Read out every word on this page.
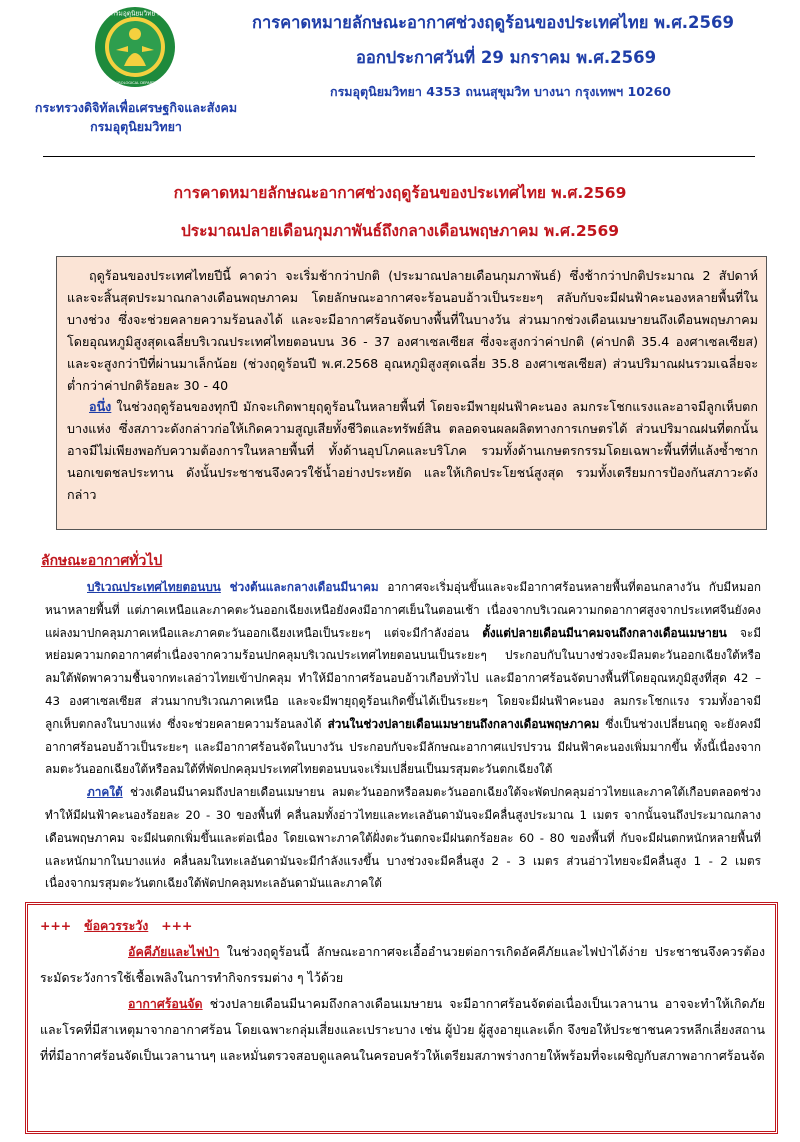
กรมอุตุนิยมวิทยา
METEOROLOGICAL DEPARTMENT
กระทรวงดิจิทัลเพื่อเศรษฐกิจและสังคม
กรมอุตุนิยมวิทยา
การคาดหมายลักษณะอากาศช่วงฤดูร้อนของประเทศไทย พ.ศ.2569
ออกประกาศวันที่ 29 มกราคม พ.ศ.2569
กรมอุตุนิยมวิทยา 4353 ถนนสุขุมวิท บางนา กรุงเทพฯ 10260
การคาดหมายลักษณะอากาศช่วงฤดูร้อนของประเทศไทย พ.ศ.2569
ประมาณปลายเดือนกุมภาพันธ์ถึงกลางเดือนพฤษภาคม พ.ศ.2569

ฤดูร้อนของประเทศไทยปีนี้ คาดว่า จะเริ่มช้ากว่าปกติ (ประมาณปลายเดือนกุมภาพันธ์) ซึ่งช้ากว่าปกติประมาณ 2 สัปดาห์ และจะสิ้นสุดประมาณกลางเดือนพฤษภาคม โดยลักษณะอากาศจะร้อนอบอ้าวเป็นระยะๆ สลับกับจะมีฝนฟ้าคะนองหลายพื้นที่ในบางช่วง ซึ่งจะช่วยคลายความร้อนลงได้ และจะมีอากาศร้อนจัดบางพื้นที่ในบางวัน ส่วนมากช่วงเดือนเมษายนถึงเดือนพฤษภาคม โดยอุณหภูมิสูงสุดเฉลี่ยบริเวณประเทศไทยตอนบน 36 - 37 องศาเซลเซียส ซึ่งจะสูงกว่าค่าปกติ (ค่าปกติ 35.4 องศาเซลเซียส) และจะสูงกว่าปีที่ผ่านมาเล็กน้อย (ช่วงฤดูร้อนปี พ.ศ.2568 อุณหภูมิสูงสุดเฉลี่ย 35.8 องศาเซลเซียส) ส่วนปริมาณฝนรวมเฉลี่ยจะต่ำกว่าค่าปกติร้อยละ 30 - 40

อนึ่ง ในช่วงฤดูร้อนของทุกปี มักจะเกิดพายุฤดูร้อนในหลายพื้นที่ โดยจะมีพายุฝนฟ้าคะนอง ลมกระโชกแรงและอาจมีลูกเห็บตกบางแห่ง ซึ่งสภาวะดังกล่าวก่อให้เกิดความสูญเสียทั้งชีวิตและทรัพย์สิน ตลอดจนผลผลิตทางการเกษตรได้ ส่วนปริมาณฝนที่ตกนั้น อาจมีไม่เพียงพอกับความต้องการในหลายพื้นที่ ทั้งด้านอุปโภคและบริโภค รวมทั้งด้านเกษตรกรรมโดยเฉพาะพื้นที่ที่แล้งซ้ำซากนอกเขตชลประทาน ดังนั้นประชาชนจึงควรใช้น้ำอย่างประหยัด และให้เกิดประโยชน์สูงสุด รวมทั้งเตรียมการป้องกันสภาวะดังกล่าว

ลักษณะอากาศทั่วไป

บริเวณประเทศไทยตอนบน ช่วงต้นและกลางเดือนมีนาคม อากาศจะเริ่มอุ่นขึ้นและจะมีอากาศร้อนหลายพื้นที่ตอนกลางวัน กับมีหมอกหนาหลายพื้นที่ แต่ภาคเหนือและภาคตะวันออกเฉียงเหนือยังคงมีอากาศเย็นในตอนเช้า เนื่องจากบริเวณความกดอากาศสูงจากประเทศจีนยังคงแผ่ลงมาปกคลุมภาคเหนือและภาคตะวันออกเฉียงเหนือเป็นระยะๆ แต่จะมีกำลังอ่อน ตั้งแต่ปลายเดือนมีนาคมจนถึงกลางเดือนเมษายน จะมีหย่อมความกดอากาศต่ำเนื่องจากความร้อนปกคลุมบริเวณประเทศไทยตอนบนเป็นระยะๆ ประกอบกับในบางช่วงจะมีลมตะวันออกเฉียงใต้หรือลมใต้พัดพาความชื้นจากทะเลอ่าวไทยเข้าปกคลุม ทำให้มีอากาศร้อนอบอ้าวเกือบทั่วไป และมีอากาศร้อนจัดบางพื้นที่โดยอุณหภูมิสูงที่สุด 42 – 43 องศาเซลเซียส ส่วนมากบริเวณภาคเหนือ และจะมีพายุฤดูร้อนเกิดขึ้นได้เป็นระยะๆ โดยจะมีฝนฟ้าคะนอง ลมกระโชกแรง รวมทั้งอาจมีลูกเห็บตกลงในบางแห่ง ซึ่งจะช่วยคลายความร้อนลงได้ ส่วนในช่วงปลายเดือนเมษายนถึงกลางเดือนพฤษภาคม ซึ่งเป็นช่วงเปลี่ยนฤดู จะยังคงมีอากาศร้อนอบอ้าวเป็นระยะๆ และมีอากาศร้อนจัดในบางวัน ประกอบกับจะมีลักษณะอากาศแปรปรวน มีฝนฟ้าคะนองเพิ่มมากขึ้น ทั้งนี้เนื่องจากลมตะวันออกเฉียงใต้หรือลมใต้ที่พัดปกคลุมประเทศไทยตอนบนจะเริ่มเปลี่ยนเป็นมรสุมตะวันตกเฉียงใต้

ภาคใต้ ช่วงเดือนมีนาคมถึงปลายเดือนเมษายน ลมตะวันออกหรือลมตะวันออกเฉียงใต้จะพัดปกคลุมอ่าวไทยและภาคใต้เกือบตลอดช่วง ทำให้มีฝนฟ้าคะนองร้อยละ 20 - 30 ของพื้นที่ คลื่นลมทั้งอ่าวไทยและทะเลอันดามันจะมีคลื่นสูงประมาณ 1 เมตร จากนั้นจนถึงประมาณกลางเดือนพฤษภาคม จะมีฝนตกเพิ่มขึ้นและต่อเนื่อง โดยเฉพาะภาคใต้ฝั่งตะวันตกจะมีฝนตกร้อยละ 60 - 80 ของพื้นที่ กับจะมีฝนตกหนักหลายพื้นที่และหนักมากในบางแห่ง คลื่นลมในทะเลอันดามันจะมีกำลังแรงขึ้น บางช่วงจะมีคลื่นสูง 2 - 3 เมตร ส่วนอ่าวไทยจะมีคลื่นสูง 1 - 2 เมตร เนื่องจากมรสุมตะวันตกเฉียงใต้พัดปกคลุมทะเลอันดามันและภาคใต้

+++ ข้อควรระวัง +++

อัคคีภัยและไฟป่า ในช่วงฤดูร้อนนี้ ลักษณะอากาศจะเอื้ออำนวยต่อการเกิดอัคคีภัยและไฟป่าได้ง่าย ประชาชนจึงควรต้องระมัดระวังการใช้เชื้อเพลิงในการทำกิจกรรมต่าง ๆ ไว้ด้วย

อากาศร้อนจัด ช่วงปลายเดือนมีนาคมถึงกลางเดือนเมษายน จะมีอากาศร้อนจัดต่อเนื่องเป็นเวลานาน อาจจะทำให้เกิดภัยและโรคที่มีสาเหตุมาจากอากาศร้อน โดยเฉพาะกลุ่มเสี่ยงและเปราะบาง เช่น ผู้ป่วย ผู้สูงอายุและเด็ก จึงขอให้ประชาชนควรหลีกเลี่ยงสถานที่ที่มีอากาศร้อนจัดเป็นเวลานานๆ และหมั่นตรวจสอบดูแลคนในครอบครัวให้เตรียมสภาพร่างกายให้พร้อมที่จะเผชิญกับสภาพอากาศร้อนจัด
